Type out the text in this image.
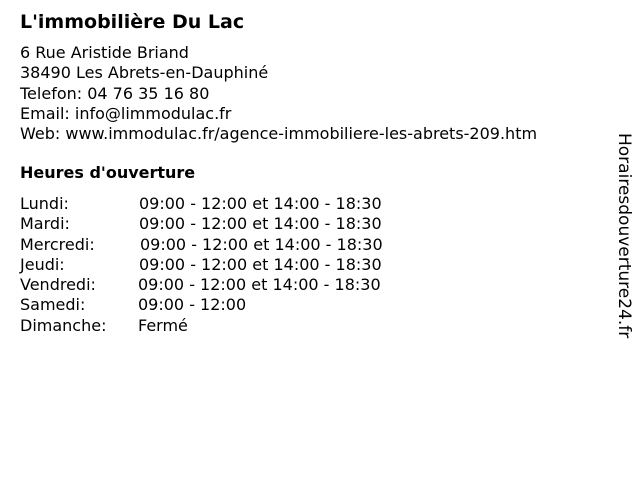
L'immobilière Du Lac
6 Rue Aristide Briand
38490 Les Abrets-en-Dauphiné
Telefon: 04 76 35 16 80
Email: info@limmodulac.fr
Web: www.immodulac.fr/agence-immobiliere-les-abrets-209.htm
Heures d'ouverture
Lundi:	09:00 - 12:00 et 14:00 - 18:30
Mardi:	09:00 - 12:00 et 14:00 - 18:30
Mercredi:	09:00 - 12:00 et 14:00 - 18:30
Jeudi:	09:00 - 12:00 et 14:00 - 18:30
Vendredi:	09:00 - 12:00 et 14:00 - 18:30
Samedi:	09:00 - 12:00
Dimanche: Fermé	Horairesdouverture24.fr
